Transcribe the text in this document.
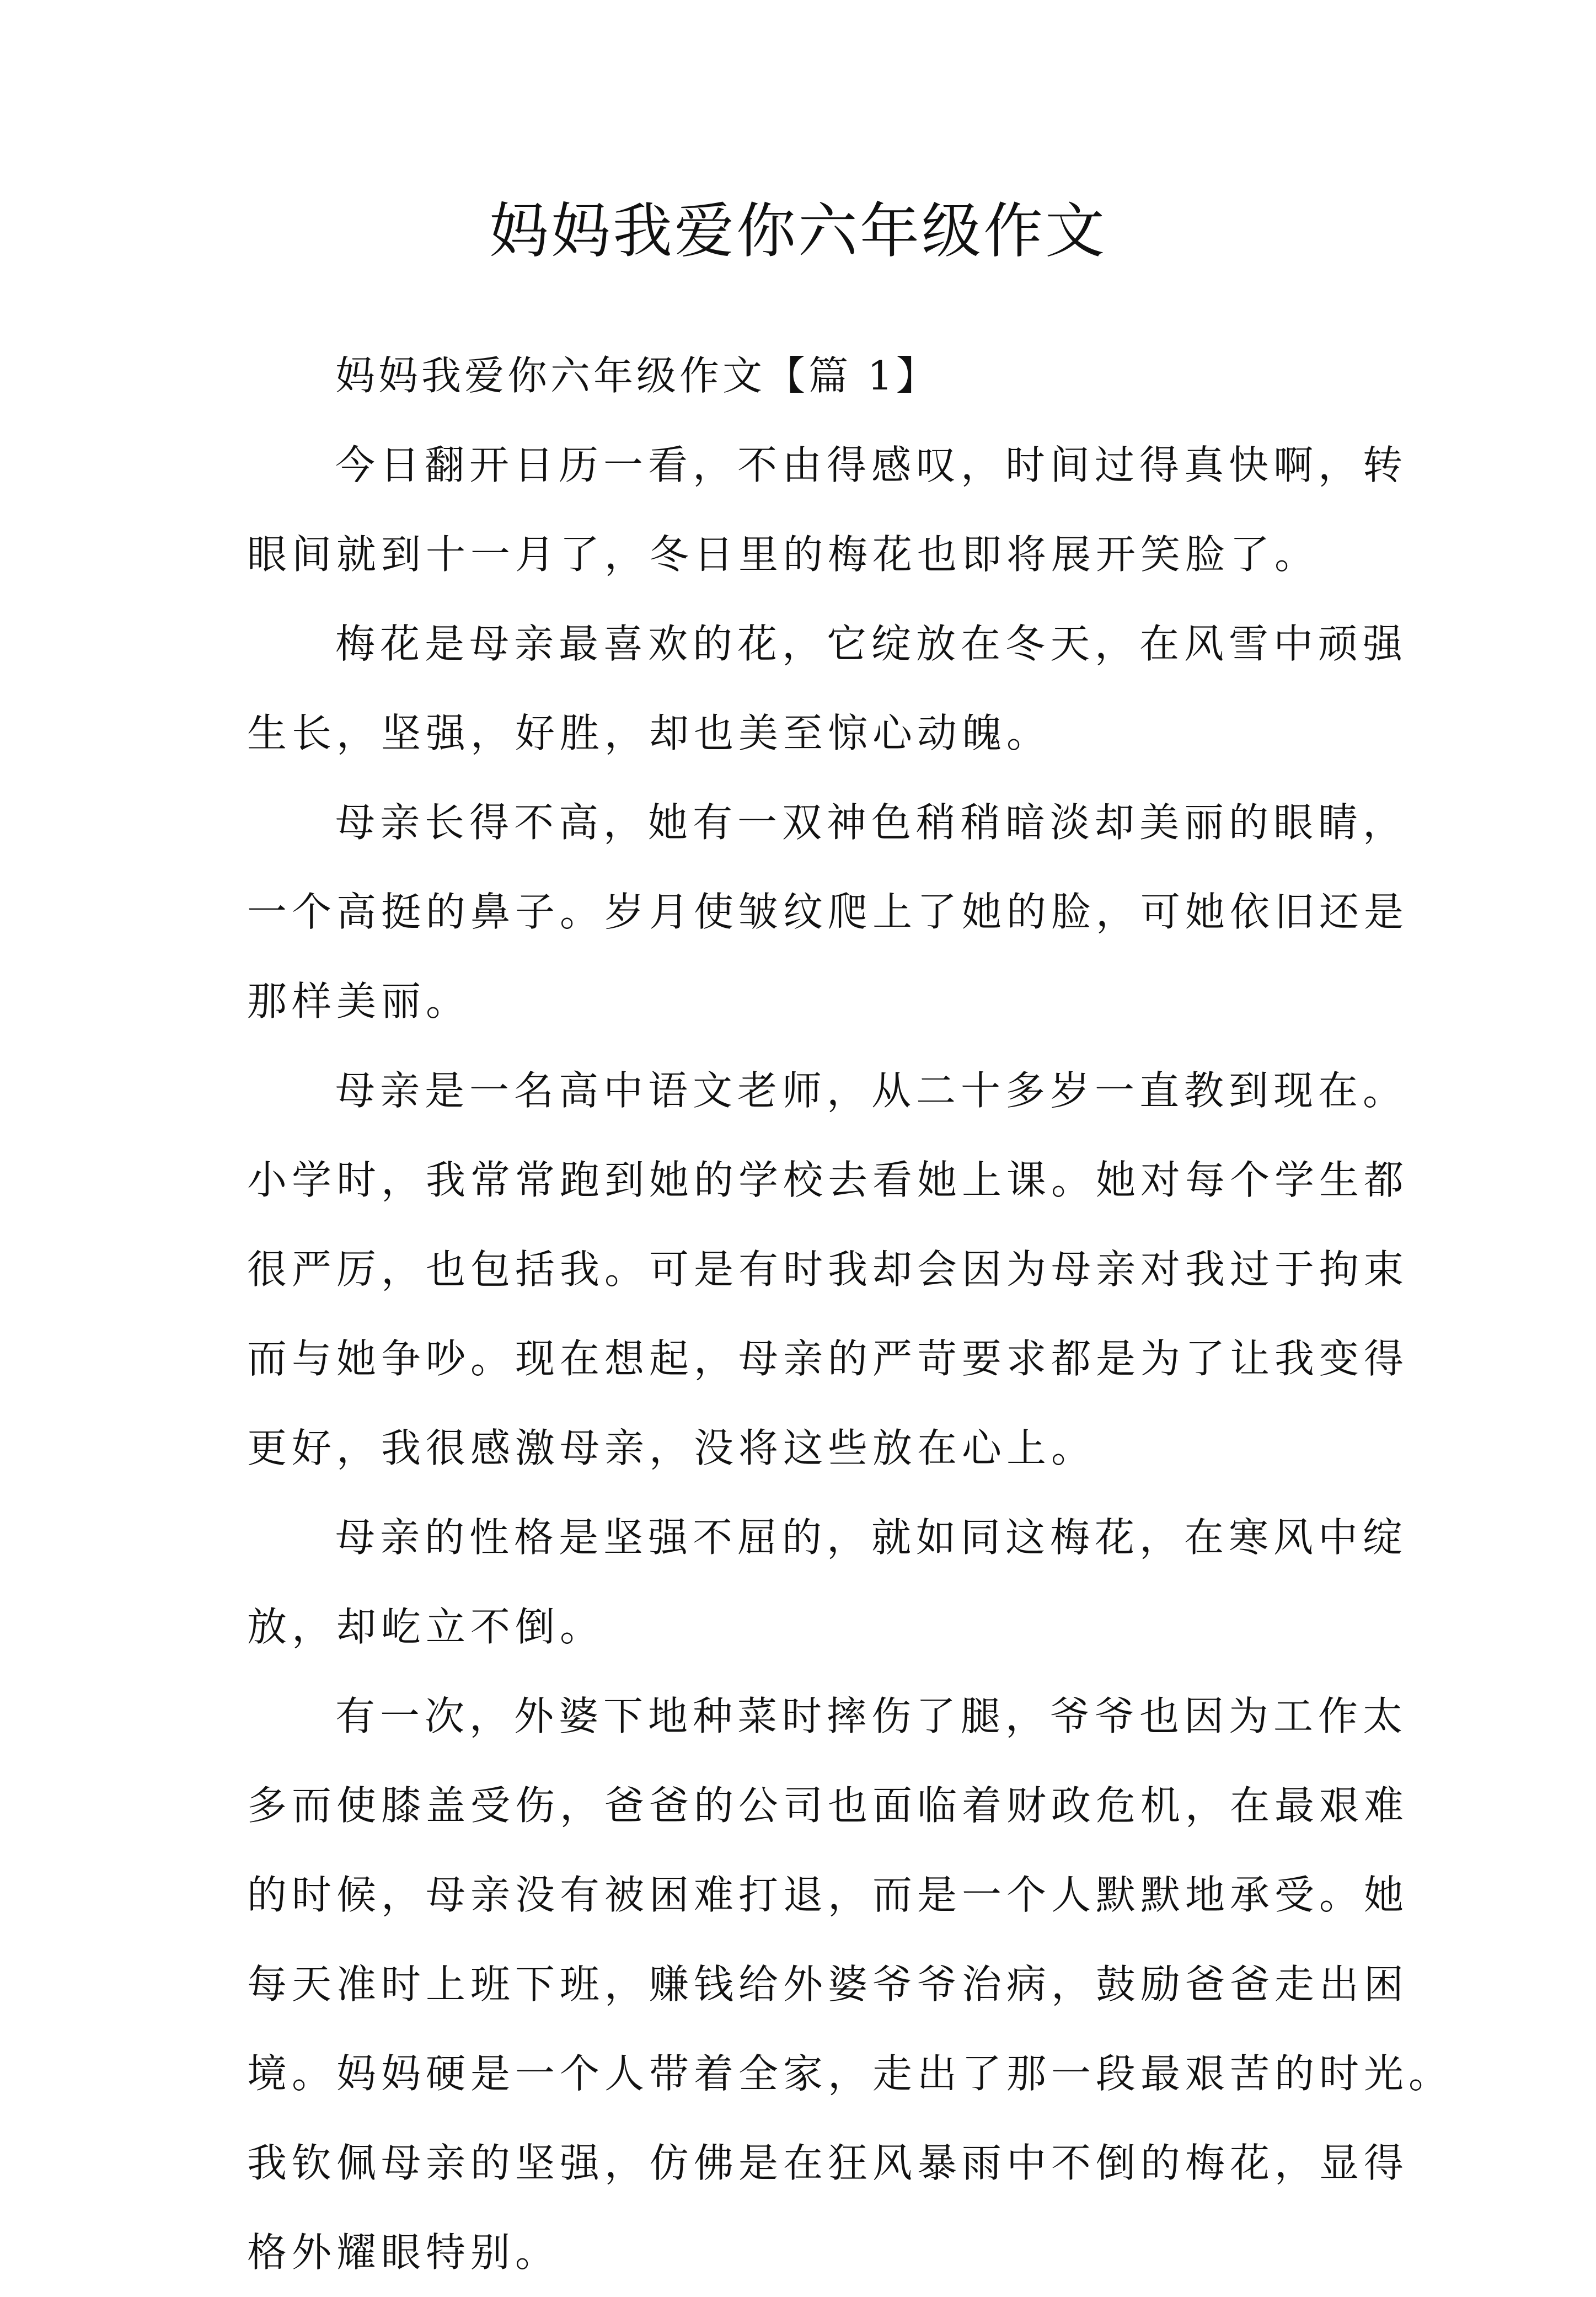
妈妈我爱你六年级作文

妈妈我爱你六年级作文【篇 1】

今日翻开日历一看，不由得感叹，时间过得真快啊，转
眼间就到十一月了，冬日里的梅花也即将展开笑脸了。

梅花是母亲最喜欢的花，它绽放在冬天，在风雪中顽强
生长，坚强，好胜，却也美至惊心动魄。

母亲长得不高，她有一双神色稍稍暗淡却美丽的眼睛，
一个高挺的鼻子。岁月使皱纹爬上了她的脸，可她依旧还是
那样美丽。

母亲是一名高中语文老师，从二十多岁一直教到现在。
小学时，我常常跑到她的学校去看她上课。她对每个学生都
很严厉，也包括我。可是有时我却会因为母亲对我过于拘束
而与她争吵。现在想起，母亲的严苛要求都是为了让我变得
更好，我很感激母亲，没将这些放在心上。

母亲的性格是坚强不屈的，就如同这梅花，在寒风中绽
放，却屹立不倒。

有一次，外婆下地种菜时摔伤了腿，爷爷也因为工作太
多而使膝盖受伤，爸爸的公司也面临着财政危机，在最艰难
的时候，母亲没有被困难打退，而是一个人默默地承受。她
每天准时上班下班，赚钱给外婆爷爷治病，鼓励爸爸走出困
境。妈妈硬是一个人带着全家，走出了那一段最艰苦的时光。
我钦佩母亲的坚强，仿佛是在狂风暴雨中不倒的梅花，显得
格外耀眼特别。
